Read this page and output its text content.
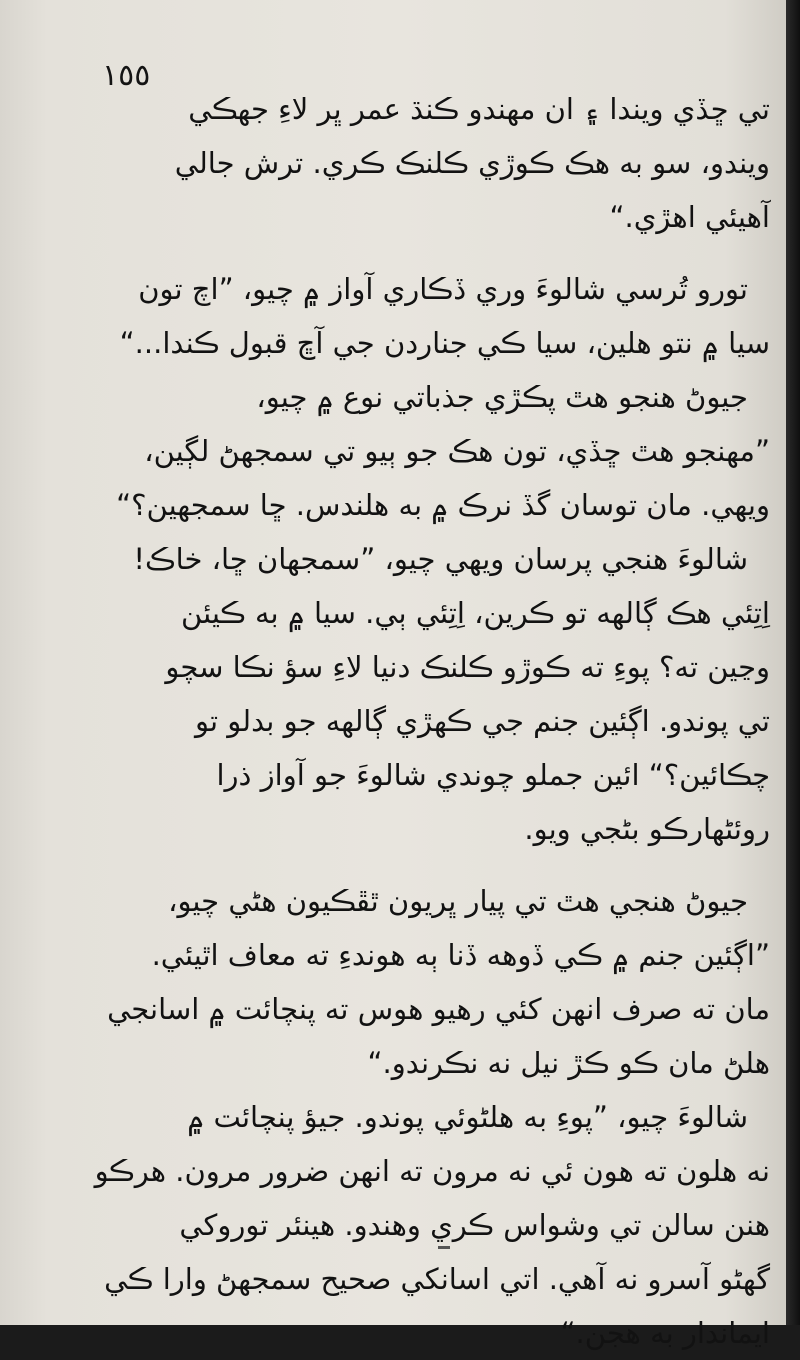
١٥٥
تي ڇڏي ويندا ۽ ان مهندو ڪنڌ عمر ڀر لاءِ جهڪي
ويندو، سو به هڪ ڪوڙي ڪلنڪ ڪري. ترش جالي
آهيئي اهڙي.“
تورو تُرسي شالوءَ وري ڏڪاري آواز ۾ چيو، ”اچ تون
سيا ۾ نتو هلين، سيا ڪي جناردن جي آڇ قبول ڪندا...“
جيوڻ هنجو هٿ پڪڙي جذباتي نوع ۾ چيو،
”مهنجو هٿ ڇڏي، تون هڪ جو ٻيو تي سمجهڻ لڳين،
ويهي. مان توسان گڏ نرڪ ۾ به هلندس. ڇا سمجهين؟“
شالوءَ هنجي پرسان ويهي چيو، ”سمجهان ڇا، خاڪ!
اِتِئي هڪ ڳالهه تو ڪرين، اِتِئي ٻي. سيا ۾ به ڪيئن
وڃين ته؟ پوءِ ته ڪوڙو ڪلنڪ دنيا لاءِ سؤ نڪا سچو
تي پوندو. اڳئين جنم جي ڪهڙي ڳالهه جو بدلو تو
چڪائين؟“ ائين جملو چوندي شالوءَ جو آواز ذرا
روئڻهارڪو بڻجي ويو.
جيوڻ هنجي هٿ تي پيار ڀريون ٿڦڪيون هڻي چيو،
”اڳئين جنم ۾ ڪي ڏوهه ڏنا ٻه هوندءِ ته معاف اٿيئي.
مان ته صرف انهن کئي رهيو هوس ته پنچائت ۾ اسانجي
هلڻ مان ڪو ڪڙ نيل نه نڪرندو.“
شالوءَ چيو، ”پوءِ به هلڻوئي پوندو. جيؤ پنچائت ۾
نه هلون ته هون ئي نه مرون ته انهن ضرور مرون. هرڪو
هنن سالن تي وشواس ڪري وهندو. هينئر توروکي
گهڻو آسرو نه آهي. اتي اسانکي صحيح سمجهڻ وارا ڪي
ايماندار به هجن.“
